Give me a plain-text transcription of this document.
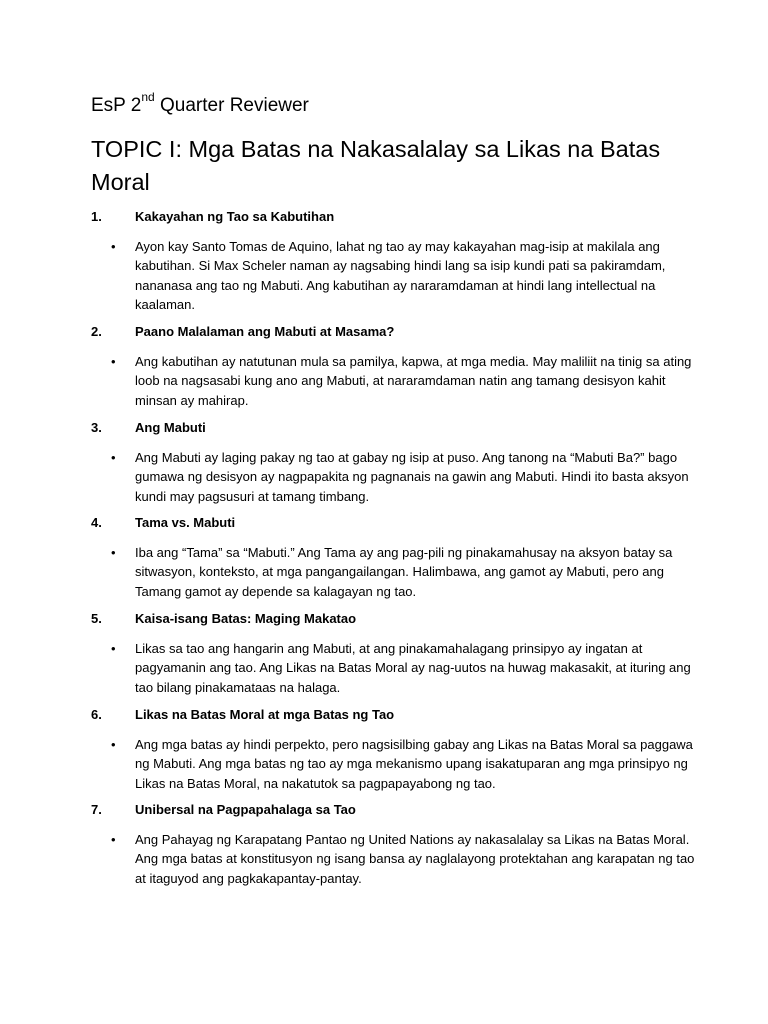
EsP 2nd Quarter Reviewer
TOPIC I: Mga Batas na Nakasalalay sa Likas na Batas
Moral
1.	Kakayahan ng Tao sa Kabutihan
• Ayon kay Santo Tomas de Aquino, lahat ng tao ay may kakayahan mag-isip at makilala ang
kabutihan. Si Max Scheler naman ay nagsabing hindi lang sa isip kundi pati sa pakiramdam,
nananasa ang tao ng Mabuti. Ang kabutihan ay nararamdaman at hindi lang intellectual na
kaalaman.
2.	Paano Malalaman ang Mabuti at Masama?
• Ang kabutihan ay natutunan mula sa pamilya, kapwa, at mga media. May maliliit na tinig sa ating
loob na nagsasabi kung ano ang Mabuti, at nararamdaman natin ang tamang desisyon kahit
minsan ay mahirap.
3.	Ang Mabuti
• Ang Mabuti ay laging pakay ng tao at gabay ng isip at puso. Ang tanong na “Mabuti Ba?” bago
gumawa ng desisyon ay nagpapakita ng pagnanais na gawin ang Mabuti. Hindi ito basta aksyon
kundi may pagsusuri at tamang timbang.
4.	Tama vs. Mabuti
• Iba ang “Tama” sa “Mabuti.” Ang Tama ay ang pag-pili ng pinakamahusay na aksyon batay sa
sitwasyon, konteksto, at mga pangangailangan. Halimbawa, ang gamot ay Mabuti, pero ang
Tamang gamot ay depende sa kalagayan ng tao.
5.	Kaisa-isang Batas: Maging Makatao
• Likas sa tao ang hangarin ang Mabuti, at ang pinakamahalagang prinsipyo ay ingatan at
pagyamanin ang tao. Ang Likas na Batas Moral ay nag-uutos na huwag makasakit, at ituring ang
tao bilang pinakamataas na halaga.
6.	Likas na Batas Moral at mga Batas ng Tao
• Ang mga batas ay hindi perpekto, pero nagsisilbing gabay ang Likas na Batas Moral sa paggawa
ng Mabuti. Ang mga batas ng tao ay mga mekanismo upang isakatuparan ang mga prinsipyo ng
Likas na Batas Moral, na nakatutok sa pagpapayabong ng tao.
7.	Unibersal na Pagpapahalaga sa Tao
• Ang Pahayag ng Karapatang Pantao ng United Nations ay nakasalalay sa Likas na Batas Moral.
Ang mga batas at konstitusyon ng isang bansa ay naglalayong protektahan ang karapatan ng tao
at itaguyod ang pagkakapantay-pantay.
